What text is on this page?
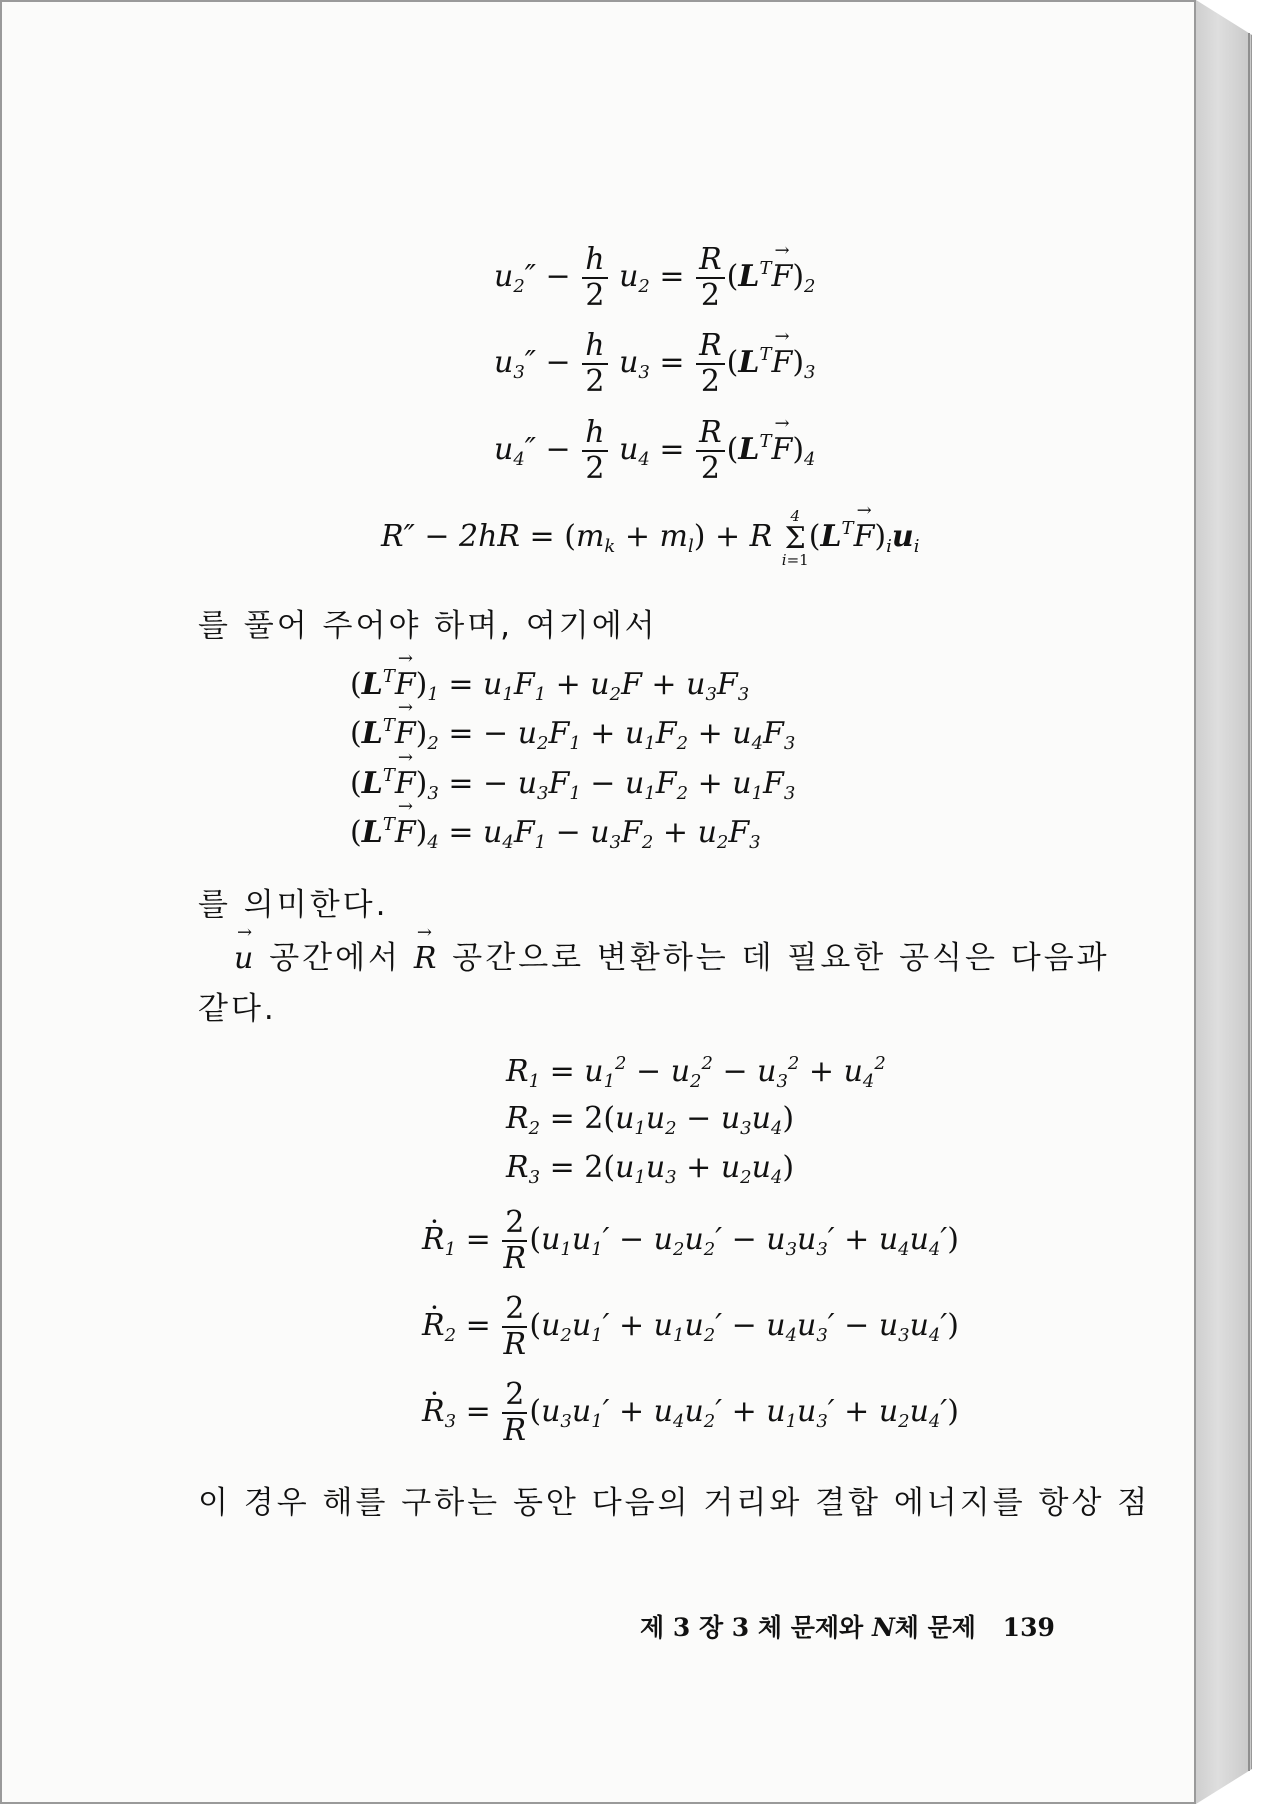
$u_2'' - \frac{h}{2} u_2 = \frac{R}{2} (L^T\to F)_2$
$u_3'' - \frac{h}{2} u_3 = \frac{R}{2} (L^T\to F)_3$
$u_4'' - \frac{h}{2} u_4 = \frac{R}{2} (L^T\to F)_4$
$R'' - 2hR = (m_k + m_l) + R$
4
Σ
i=1
$(L^T\to F)_iu_i$
를 풀어 주어야 하며, 여기에서
$(L^T\to F)_1 = u_1F_1 + u_2F + u_3F_3$
$(L^T\to F)_2$ = − $u_2F_1 + u_1F_2 + u_4F_3$
$(L^T\to F)_3$ = − $u_3F_1 - u_1F_2 + u_1F_3$
$(L^T\to F)_4 = u_4F_1 - u_3F_2 + u_2F_3$
를 의미한다.
→ u 공간에서 → R 공간으로 변환하는 데 필요한 공식은 다음과
같다.
$R_1 = u_1^2 - u_2^2 - u_3^2 + u_4^2$
$R_2 = 2(u_1u_2 - u_3u_4)$
$R_3 = 2(u_1u_3 + u_2u_4)$
· $R_1 = \frac{2}{R} (u_1u_1' - u_2u_2' - u_3u_3' + u_4u_4')$
· $R_2 = \frac{2}{R} (u_2u_1' + u_1u_2' - u_4u_3' - u_3u_4')$
· $R_3 = \frac{2}{R} (u_3u_1' + u_4u_2' + u_1u_3' + u_2u_4')$
이 경우 해를 구하는 동안 다음의 거리와 결합 에너지를 항상 점
제 3 장 3 체 문제와 N체 문제 139
